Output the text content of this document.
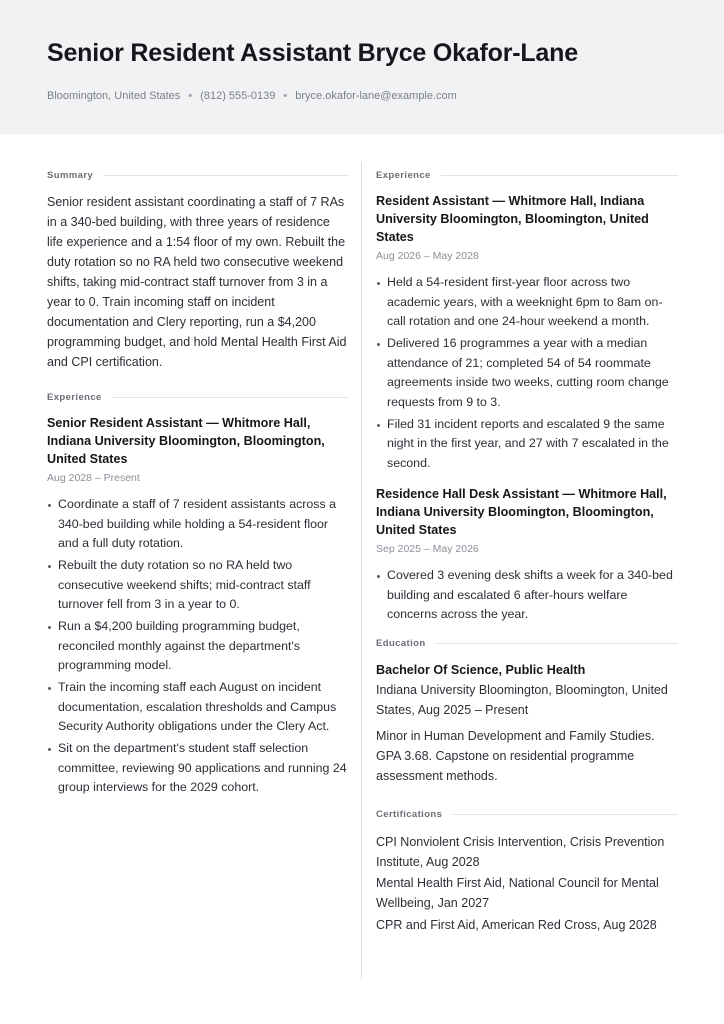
Senior Resident Assistant Bryce Okafor-Lane
Bloomington, United States • (812) 555-0139 • bryce.okafor-lane@example.com
Summary

Senior resident assistant coordinating a staff of 7 RAs in a 340-bed building, with three years of residence life experience and a 1:54 floor of my own. Rebuilt the duty rotation so no RA held two consecutive weekend shifts, taking mid-contract staff turnover from 3 in a year to 0. Train incoming staff on incident documentation and Clery reporting, run a $4,200 programming budget, and hold Mental Health First Aid and CPI certification.

Experience

Senior Resident Assistant — Whitmore Hall, Indiana University Bloomington, Bloomington, United States

Aug 2028 – Present
Coordinate a staff of 7 resident assistants across a 340-bed building while holding a 54-resident floor and a full duty rotation.
Rebuilt the duty rotation so no RA held two consecutive weekend shifts; mid-contract staff turnover fell from 3 in a year to 0.
Run a $4,200 building programming budget, reconciled monthly against the department's programming model.
Train the incoming staff each August on incident documentation, escalation thresholds and Campus Security Authority obligations under the Clery Act.
Sit on the department's student staff selection committee, reviewing 90 applications and running 24 group interviews for the 2029 cohort.
Experience

Resident Assistant — Whitmore Hall, Indiana University Bloomington, Bloomington, United States

Aug 2026 – May 2028
Held a 54-resident first-year floor across two academic years, with a weeknight 6pm to 8am on-call rotation and one 24-hour weekend a month.
Delivered 16 programmes a year with a median attendance of 21; completed 54 of 54 roommate agreements inside two weeks, cutting room change requests from 9 to 3.
Filed 31 incident reports and escalated 9 the same night in the first year, and 27 with 7 escalated in the second.

Residence Hall Desk Assistant — Whitmore Hall, Indiana University Bloomington, Bloomington, United States

Sep 2025 – May 2026
Covered 3 evening desk shifts a week for a 340-bed building and escalated 6 after-hours welfare concerns across the year.
Education

Bachelor Of Science, Public Health

Indiana University Bloomington, Bloomington, United States, Aug 2025 – Present

Minor in Human Development and Family Studies. GPA 3.68. Capstone on residential programme assessment methods.

Certifications
CPI Nonviolent Crisis Intervention, Crisis Prevention Institute, Aug 2028
Mental Health First Aid, National Council for Mental Wellbeing, Jan 2027
CPR and First Aid, American Red Cross, Aug 2028
